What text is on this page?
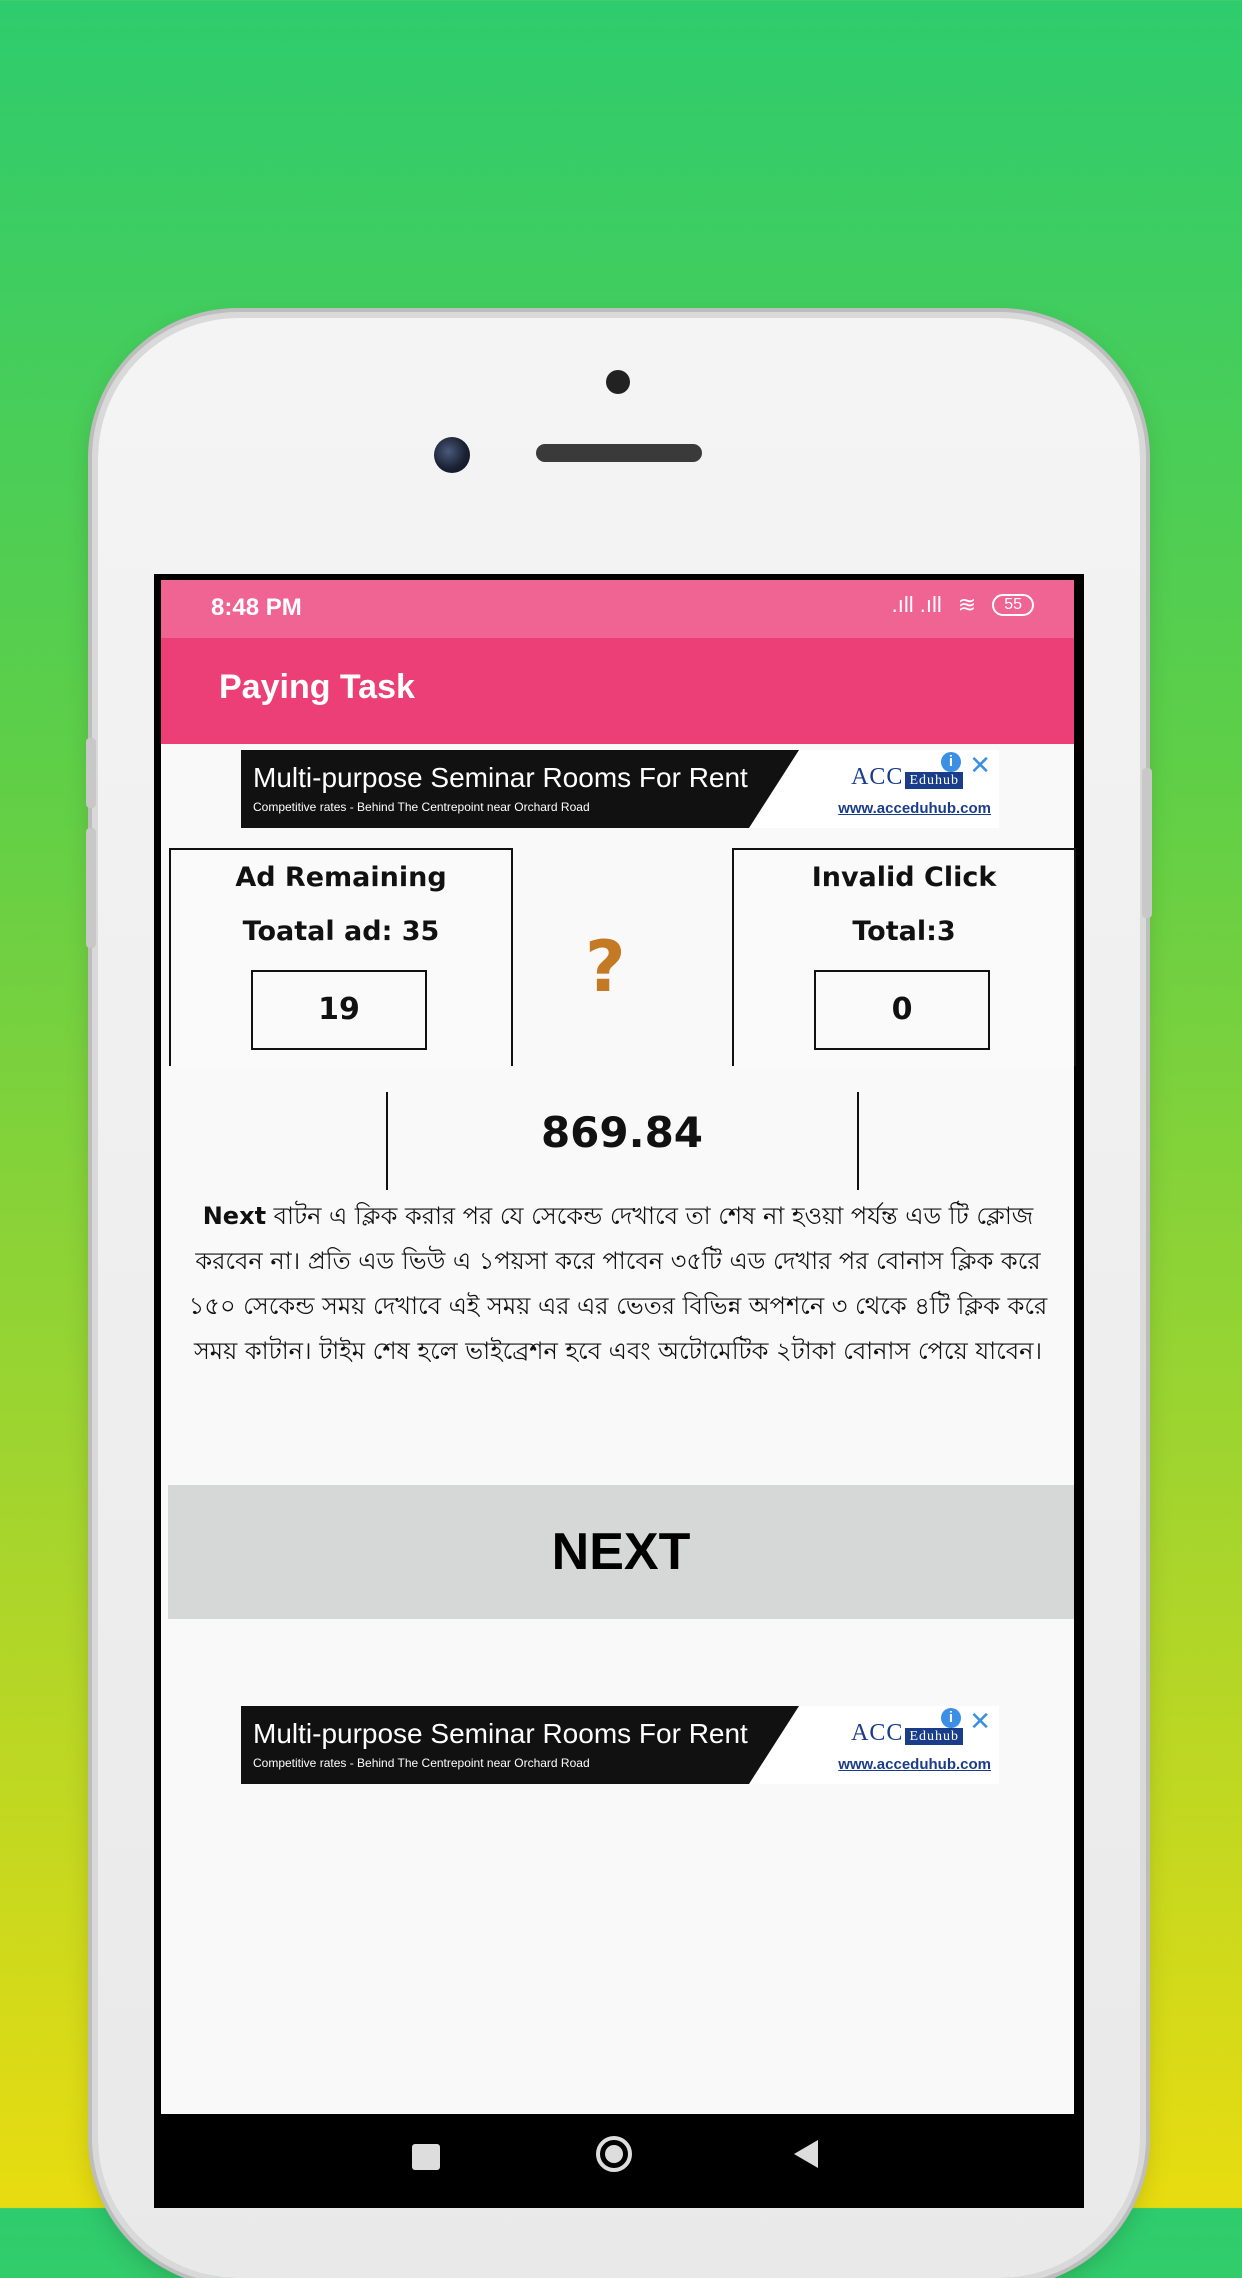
8:48 PM	.ıll .ıll ≋	55
Paying Task
Multi-purpose Seminar Rooms For Rent
Competitive rates - Behind The Centrepoint near Orchard Road
ACC Eduhub
www.acceduhub.com
i ✕
Ad Remaining
Toatal ad: 35
19
?
Invalid Click
Total:3
0
869.84
Next বাটন এ ক্লিক করার পর যে সেকেন্ড দেখাবে তা শেষ না হওয়া পর্যন্ত এড টি ক্লোজ করবেন না। প্রতি এড ভিউ এ ১পয়সা করে পাবেন ৩৫টি এড দেখার পর বোনাস ক্লিক করে ১৫০ সেকেন্ড সময় দেখাবে এই সময় এর এর ভেতর বিভিন্ন অপশনে ৩ থেকে ৪টি ক্লিক করে সময় কাটান। টাইম শেষ হলে ভাইব্রেশন হবে এবং অটোমেটিক ২টাকা বোনাস পেয়ে যাবেন।
NEXT
Multi-purpose Seminar Rooms For Rent
Competitive rates - Behind The Centrepoint near Orchard Road
ACC Eduhub
www.acceduhub.com
i ✕
